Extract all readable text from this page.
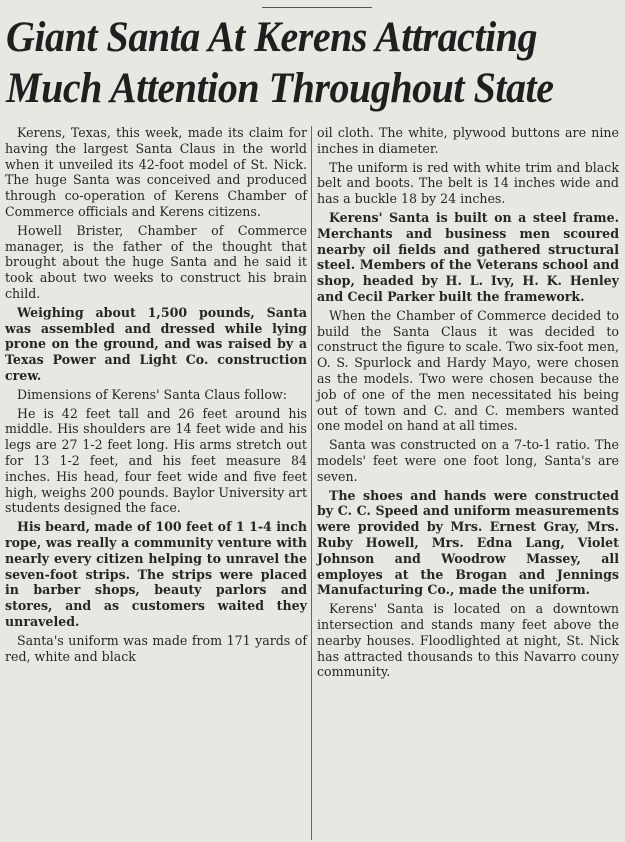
Giant Santa At Kerens Attracting
Much Attention Throughout State

Kerens, Texas, this week, made its claim for having the largest Santa Claus in the world when it unveiled its 42-foot model of St. Nick. The huge Santa was conceived and produced through co-operation of Kerens Chamber of Commerce officials and Kerens citizens.

Howell Brister, Chamber of Commerce manager, is the father of the thought that brought about the huge Santa and he said it took about two weeks to construct his brain child.

Weighing about 1,500 pounds, Santa was assembled and dressed while lying prone on the ground, and was raised by a Texas Power and Light Co. construction crew.

Dimensions of Kerens' Santa Claus follow:

He is 42 feet tall and 26 feet around his middle. His shoulders are 14 feet wide and his legs are 27 1-2 feet long. His arms stretch out for 13 1-2 feet, and his feet measure 84 inches. His head, four feet wide and five feet high, weighs 200 pounds. Baylor University art students designed the face.

His beard, made of 100 feet of 1 1-4 inch rope, was really a community venture with nearly every citizen helping to unravel the seven-foot strips. The strips were placed in barber shops, beauty parlors and stores, and as customers waited they unraveled.

Santa's uniform was made from 171 yards of red, white and black

oil cloth. The white, plywood buttons are nine inches in diameter.

The uniform is red with white trim and black belt and boots. The belt is 14 inches wide and has a buckle 18 by 24 inches.

Kerens' Santa is built on a steel frame. Merchants and business men scoured nearby oil fields and gathered structural steel. Members of the Veterans school and shop, headed by H. L. Ivy, H. K. Henley and Cecil Parker built the framework.

When the Chamber of Commerce decided to build the Santa Claus it was decided to construct the figure to scale. Two six-foot men, O. S. Spurlock and Hardy Mayo, were chosen as the models. Two were chosen because the job of one of the men necessitated his being out of town and C. and C. members wanted one model on hand at all times.

Santa was constructed on a 7-to-1 ratio. The models' feet were one foot long, Santa's are seven.

The shoes and hands were constructed by C. C. Speed and uniform measurements were provided by Mrs. Ernest Gray, Mrs. Ruby Howell, Mrs. Edna Lang, Violet Johnson and Woodrow Massey, all employes at the Brogan and Jennings Manufacturing Co., made the uniform.

Kerens' Santa is located on a downtown intersection and stands many feet above the nearby houses. Floodlighted at night, St. Nick has attracted thousands to this Navarro couny community.
